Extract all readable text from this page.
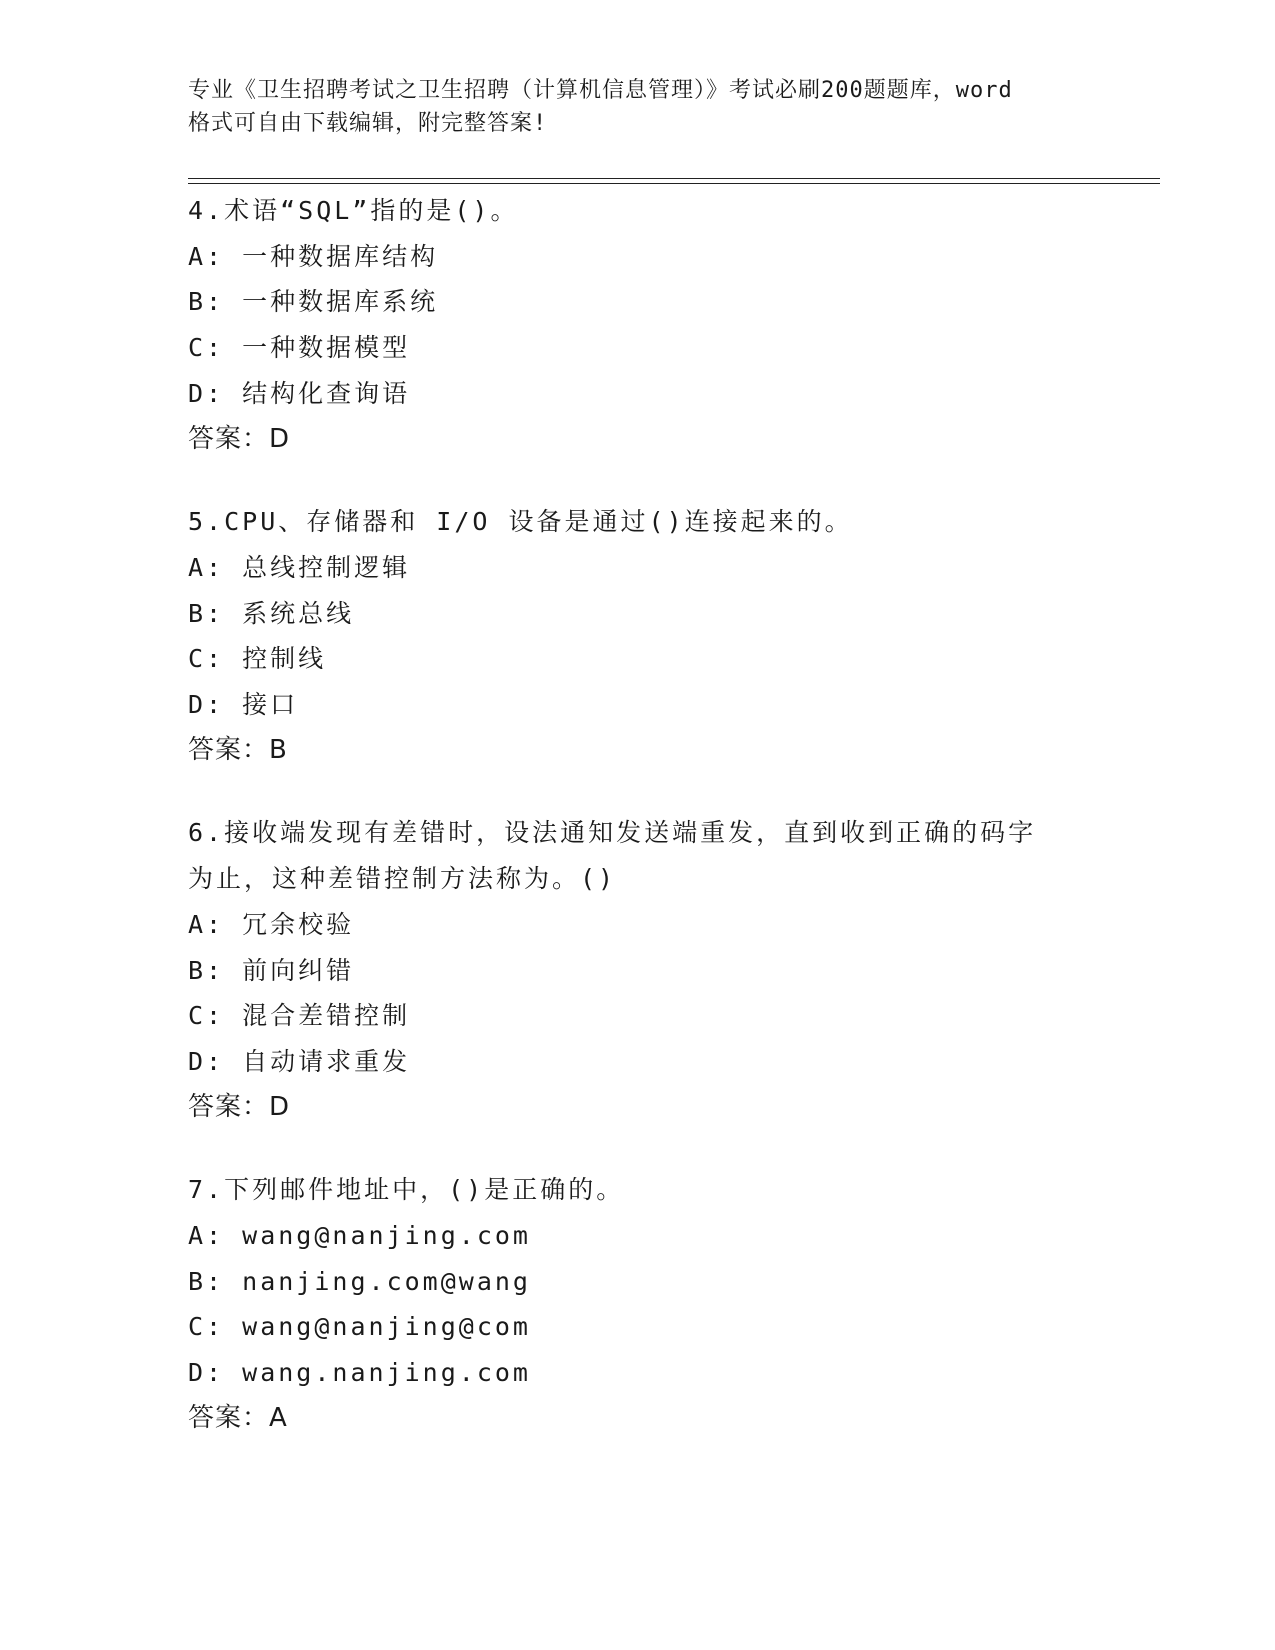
专业《卫生招聘考试之卫生招聘（计算机信息管理）》考试必刷200题题库，word
格式可自由下载编辑，附完整答案!
4.术语“SQL”指的是()。
A: 一种数据库结构
B: 一种数据库系统
C: 一种数据模型
D: 结构化查询语
答案：D
5.CPU、存储器和 I/O 设备是通过()连接起来的。
A: 总线控制逻辑
B: 系统总线
C: 控制线
D: 接口
答案：B
6.接收端发现有差错时，设法通知发送端重发，直到收到正确的码字
为止，这种差错控制方法称为。()
A: 冗余校验
B: 前向纠错
C: 混合差错控制
D: 自动请求重发
答案：D
7.下列邮件地址中，()是正确的。
A: wang@nanjing.com
B: nanjing.com@wang
C: wang@nanjing@com
D: wang.nanjing.com
答案：A
